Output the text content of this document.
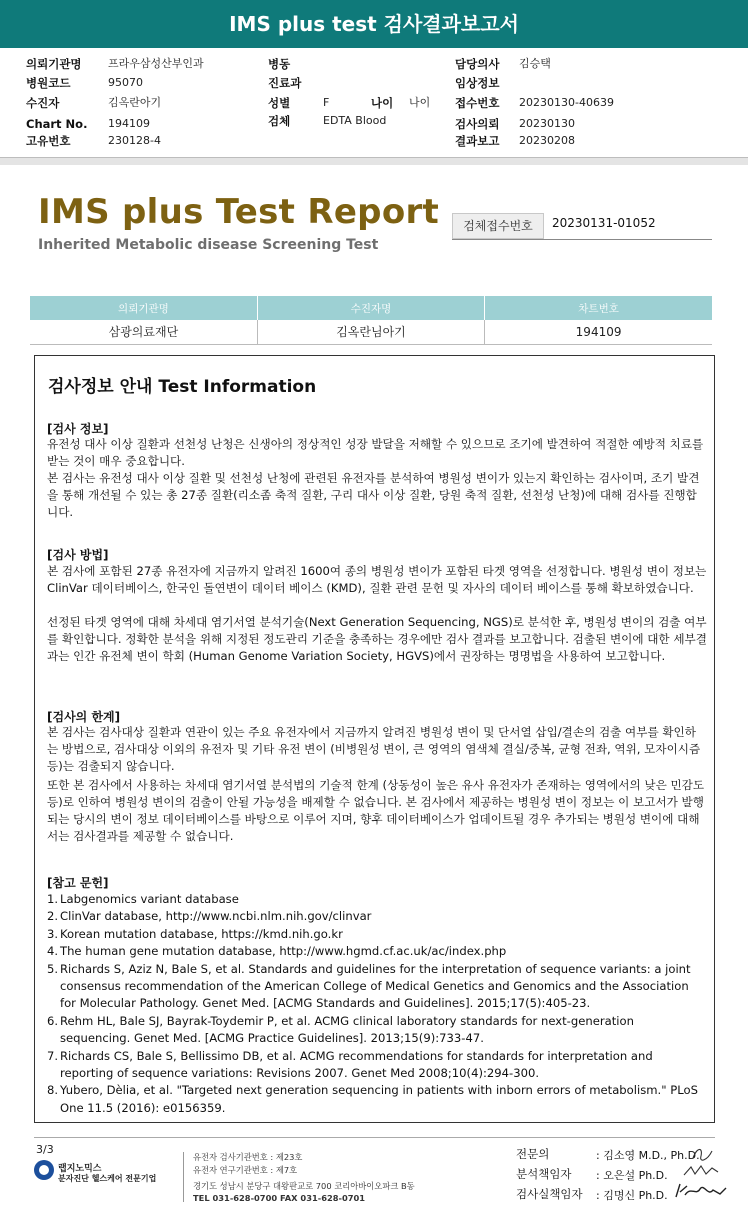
IMS plus test 검사결과보고서
의뢰기관명 프라우삼성산부인과
병원코드	95070
수진자	김옥란아기
Chart No. 194109
고유번호	230128-4
병동
진료과
성별	F	나이 나이
검체	EDTA Blood
담당의사 김승택
임상정보
접수번호 20230130-40639
검사의뢰 20230130
결과보고 20230208
IMS plus Test Report
Inherited Metabolic disease Screening Test
검체접수번호	20230131-01052
의뢰기관명	수진자명	차트번호
삼광의료재단	김옥란님아기	194109
검사정보 안내 Test Information
[검사 정보]
유전성 대사 이상 질환과 선천성 난청은 신생아의 정상적인 성장 발달을 저해할 수 있으므로 조기에 발견하여 적절한 예방적 치료를 받는 것이 매우 중요합니다.
본 검사는 유전성 대사 이상 질환 및 선천성 난청에 관련된 유전자를 분석하여 병원성 변이가 있는지 확인하는 검사이며, 조기 발견을 통해 개선될 수 있는 총 27종 질환(리소좀 축적 질환, 구리 대사 이상 질환, 당원 축적 질환, 선천성 난청)에 대해 검사를 진행합니다.
[검사 방법]
본 검사에 포함된 27종 유전자에 지금까지 알려진 1600여 종의 병원성 변이가 포함된 타겟 영역을 선정합니다. 병원성 변이 정보는 ClinVar 데이터베이스, 한국인 돌연변이 데이터 베이스 (KMD), 질환 관련 문헌 및 자사의 데이터 베이스를 통해 확보하였습니다.
선정된 타겟 영역에 대해 차세대 염기서열 분석기술(Next Generation Sequencing, NGS)로 분석한 후, 병원성 변이의 검출 여부를 확인합니다. 정확한 분석을 위해 지정된 정도관리 기준을 충족하는 경우에만 검사 결과를 보고합니다. 검출된 변이에 대한 세부결과는 인간 유전체 변이 학회 (Human Genome Variation Society, HGVS)에서 권장하는 명명법을 사용하여 보고합니다.
[검사의 한계]
본 검사는 검사대상 질환과 연관이 있는 주요 유전자에서 지금까지 알려진 병원성 변이 및 단서열 삽입/결손의 검출 여부를 확인하는 방법으로, 검사대상 이외의 유전자 및 기타 유전 변이 (비병원성 변이, 큰 영역의 염색체 결실/중복, 균형 전좌, 역위, 모자이시즘 등)는 검출되지 않습니다.
또한 본 검사에서 사용하는 차세대 염기서열 분석법의 기술적 한계 (상동성이 높은 유사 유전자가 존재하는 영역에서의 낮은 민감도 등)로 인하여 병원성 변이의 검출이 안될 가능성을 배제할 수 없습니다. 본 검사에서 제공하는 병원성 변이 정보는 이 보고서가 발행되는 당시의 변이 정보 데이터베이스를 바탕으로 이루어 지며, 향후 데이터베이스가 업데이트될 경우 추가되는 병원성 변이에 대해서는 검사결과를 제공할 수 없습니다.
[참고 문헌]
1. Labgenomics variant database
2. ClinVar database, http://www.ncbi.nlm.nih.gov/clinvar
3. Korean mutation database, https://kmd.nih.go.kr
4. The human gene mutation database, http://www.hgmd.cf.ac.uk/ac/index.php
5. Richards S, Aziz N, Bale S, et al. Standards and guidelines for the interpretation of sequence variants: a joint consensus recommendation of the American College of Medical Genetics and Genomics and the Association for Molecular Pathology. Genet Med. [ACMG Standards and Guidelines]. 2015;17(5):405-23.
6. Rehm HL, Bale SJ, Bayrak-Toydemir P, et al. ACMG clinical laboratory standards for next-generation sequencing. Genet Med. [ACMG Practice Guidelines]. 2013;15(9):733-47.
7. Richards CS, Bale S, Bellissimo DB, et al. ACMG recommendations for standards for interpretation and reporting of sequence variations: Revisions 2007. Genet Med 2008;10(4):294-300.
8. Yubero, Dèlia, et al. "Targeted next generation sequencing in patients with inborn errors of metabolism." PLoS One 11.5 (2016): e0156359.
3/3
랩지노믹스
분자진단 헬스케어 전문기업
유전자 검사기관번호 : 제23호
유전자 연구기관번호 : 제7호
경기도 성남시 분당구 대왕판교로 700 코리아바이오파크 B동
TEL 031-628-0700 FAX 031-628-0701
전문의	: 김소영 M.D., Ph.D.
분석책임자 : 오은설 Ph.D.
검사실책임자 : 김명신 Ph.D.
